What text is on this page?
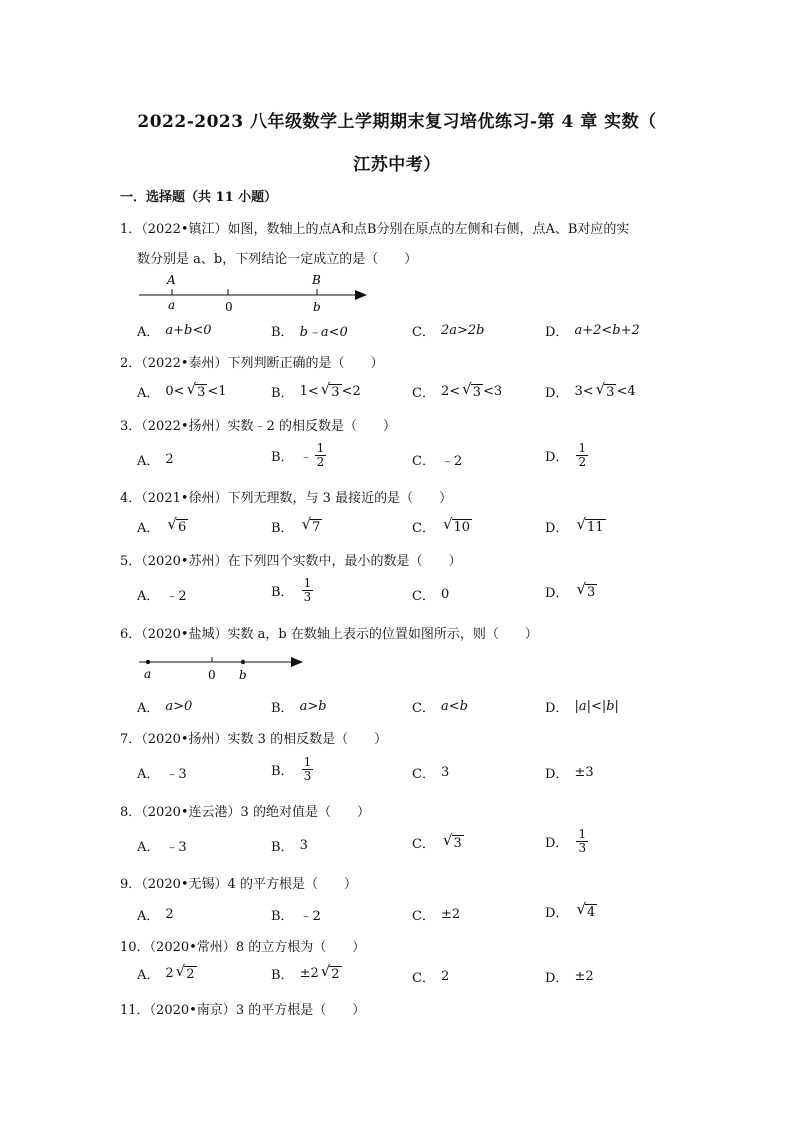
2022-2023 八年级数学上学期期末复习培优练习-第 4 章 实数（
江苏中考）
一．选择题（共 11 小题）
1．（2022•镇江）如图，数轴上的点A和点B分别在原点的左侧和右侧，点A、B对应的实
数分别是 a、b，下列结论一定成立的是（　　）
A	B
a	0	b
A． a+b<0	B． b﹣a<0	C． 2a>2b	D． a+2<b+2
2．（2022•泰州）下列判断正确的是（　　）
A． 0< √ 3 <1	B． 1< √ 3 <2	C． 2< √ 3 <3	D． 3< √ 3 <4
3．（2022•扬州）实数﹣2 的相反数是（　　）
A． 2	B． ﹣ $\frac{1}{2}$	C． ﹣2	D． $\frac{1}{2}$
4．（2021•徐州）下列无理数，与 3 最接近的是（　　）
A． √ 6	B． √ 7	C． √ 10	D． √ 11
5．（2020•苏州）在下列四个实数中，最小的数是（　　）
A． ﹣2	B． $\frac{1}{3}$	C． 0	D． √ 3
6．（2020•盐城）实数 a，b 在数轴上表示的位置如图所示，则（　　）
a	0 b
A． a>0	B． a>b	C． a<b	D． |a|<|b|
7．（2020•扬州）实数 3 的相反数是（　　）
A． ﹣3	B． $\frac{1}{3}$	C． 3	D． ±3
8．（2020•连云港）3 的绝对值是（　　）
A． ﹣3	B． 3	C． √ 3	D． $\frac{1}{3}$
9．（2020•无锡）4 的平方根是（　　）
A． 2	B． ﹣2	C． ±2	D． √ 4
10．（2020•常州）8 的立方根为（　　）
A． 2 √ 2	B． ±2 √ 2	C． 2	D． ±2
11．（2020•南京）3 的平方根是（　　）
